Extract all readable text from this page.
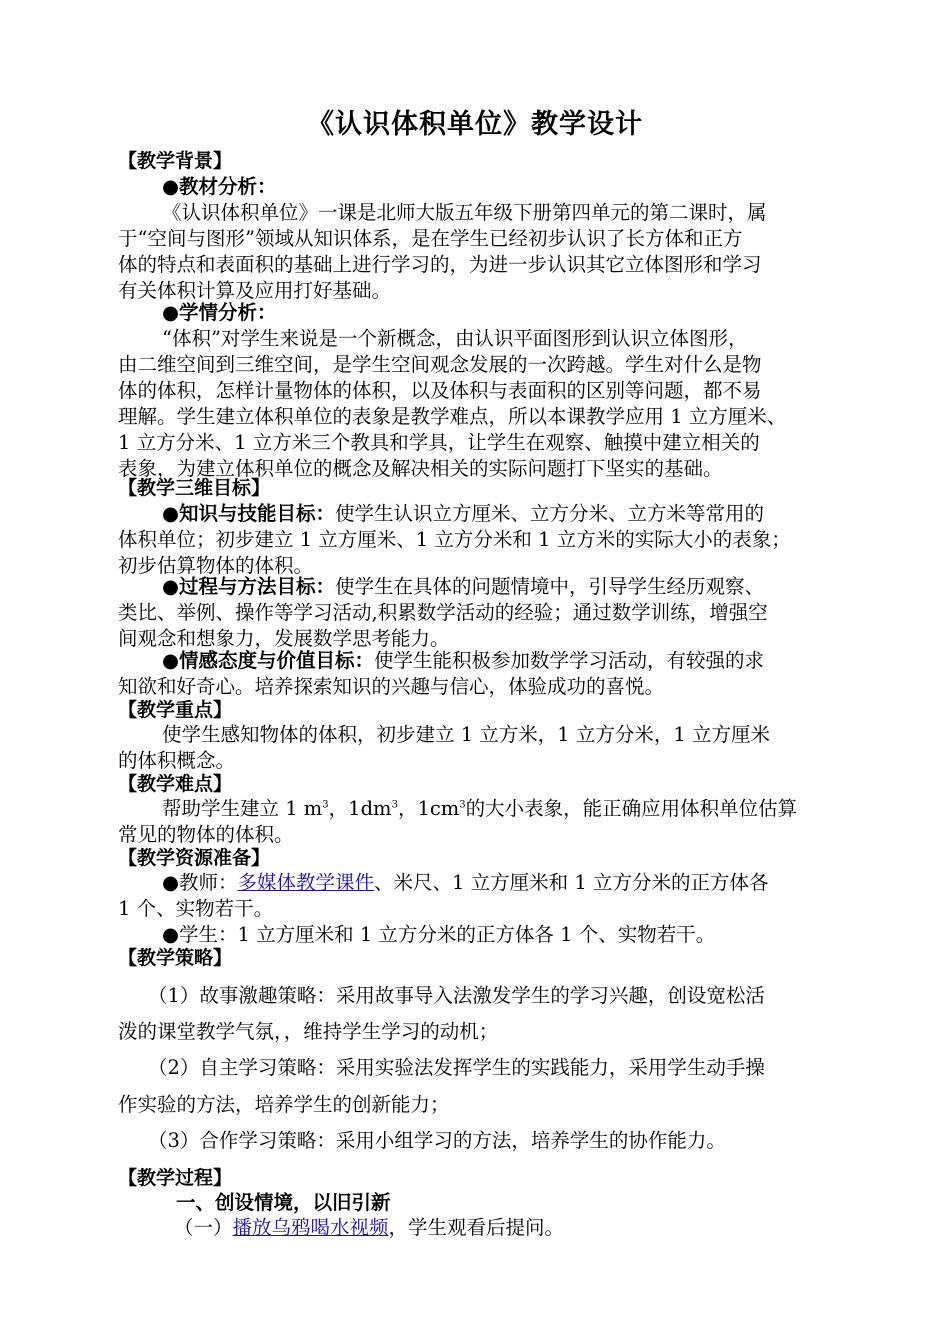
《认识体积单位》教学设计
【教学背景】
●教材分析：
《认识体积单位》一课是北师大版五年级下册第四单元的第二课时，属
于“空间与图形”领域从知识体系，是在学生已经初步认识了长方体和正方
体的特点和表面积的基础上进行学习的，为进一步认识其它立体图形和学习
有关体积计算及应用打好基础。
●学情分析：
“体积”对学生来说是一个新概念，由认识平面图形到认识立体图形，
由二维空间到三维空间，是学生空间观念发展的一次跨越。学生对什么是物
体的体积，怎样计量物体的体积，以及体积与表面积的区别等问题，都不易
理解。学生建立体积单位的表象是教学难点，所以本课教学应用 1 立方厘米、
1 立方分米、1 立方米三个教具和学具，让学生在观察、触摸中建立相关的
表象，为建立体积单位的概念及解决相关的实际问题打下坚实的基础。
【教学三维目标】
●知识与技能目标：使学生认识立方厘米、立方分米、立方米等常用的
体积单位；初步建立 1 立方厘米、1 立方分米和 1 立方米的实际大小的表象；
初步估算物体的体积。
●过程与方法目标：使学生在具体的问题情境中，引导学生经历观察、
类比、举例、操作等学习活动,积累数学活动的经验；通过数学训练，增强空
间观念和想象力，发展数学思考能力。
●情感态度与价值目标：使学生能积极参加数学学习活动，有较强的求
知欲和好奇心。培养探索知识的兴趣与信心，体验成功的喜悦。
【教学重点】
使学生感知物体的体积，初步建立 1 立方米，1 立方分米，1 立方厘米
的体积概念。
【教学难点】
帮助学生建立 1 $m^3$，$1dm^3$，$1cm^3$的大小表象，能正确应用体积单位估算
常见的物体的体积。
【教学资源准备】
●教师：多媒体教学课件、米尺、1 立方厘米和 1 立方分米的正方体各
1 个、实物若干。
●学生：1 立方厘米和 1 立方分米的正方体各 1 个、实物若干。
【教学策略】
（1）故事激趣策略：采用故事导入法激发学生的学习兴趣，创设宽松活
泼的课堂教学气氛，，维持学生学习的动机；
（2）自主学习策略：采用实验法发挥学生的实践能力，采用学生动手操
作实验的方法，培养学生的创新能力；
（3）合作学习策略：采用小组学习的方法，培养学生的协作能力。
【教学过程】
一、创设情境，以旧引新
（一）播放乌鸦喝水视频，学生观看后提问。
